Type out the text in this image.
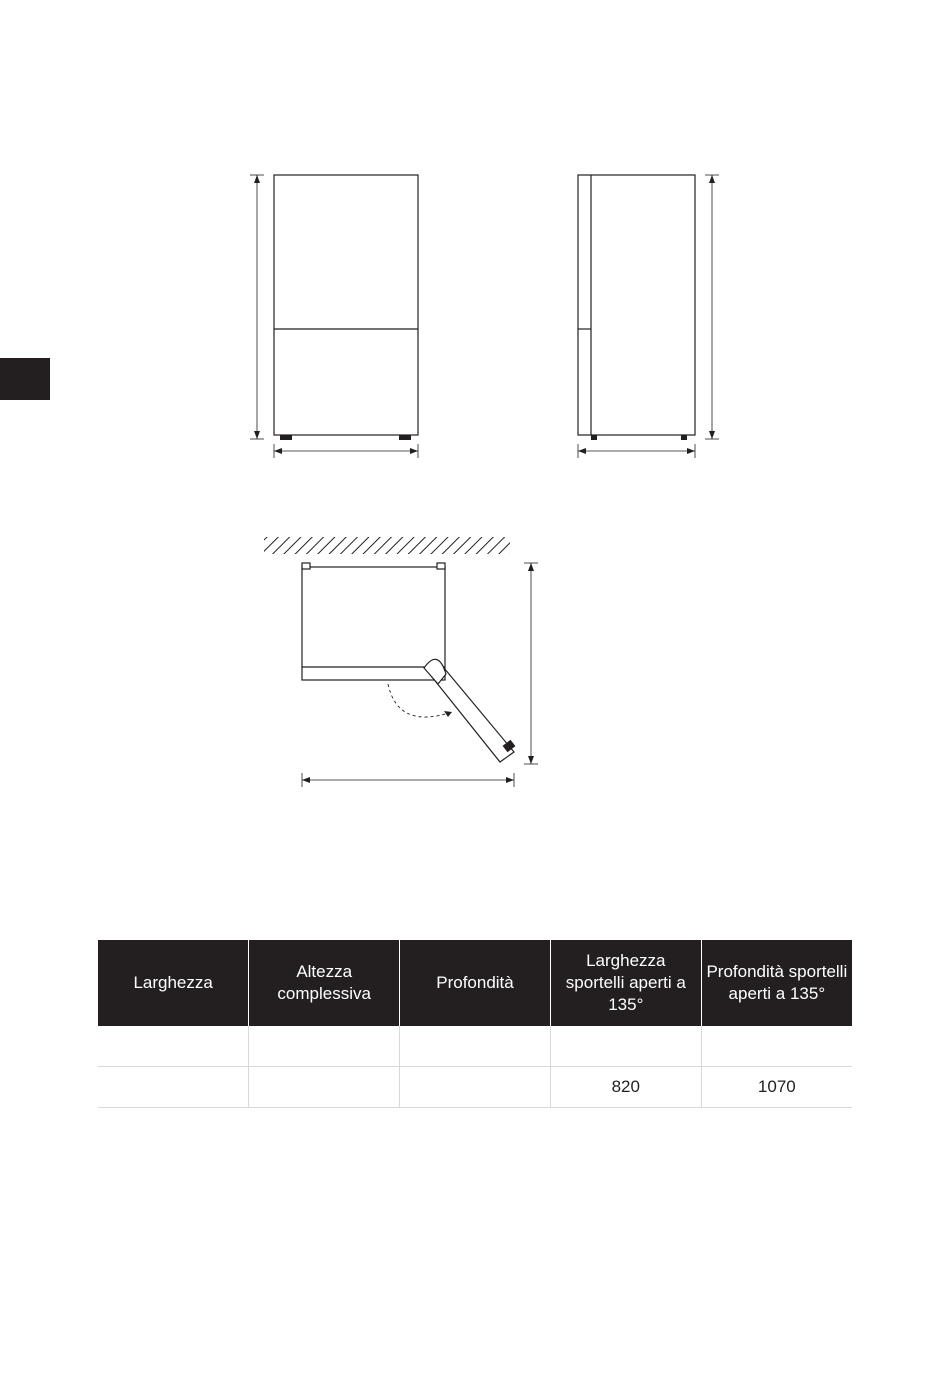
Larghezza	Altezza complessiva	Profondità	Larghezza sportelli aperti a 135°	Profondità sportelli aperti a 135°

			820	1070
